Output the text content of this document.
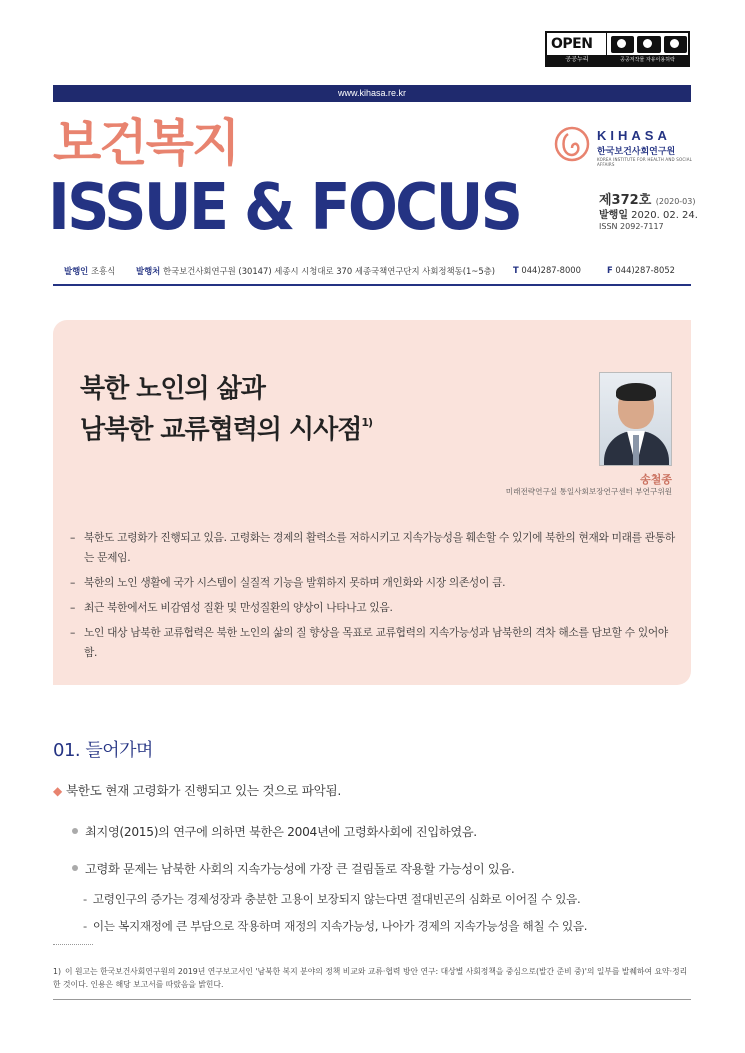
OPEN
공공누리	공공저작물 자유이용허락
www.kihasa.re.kr
보건복지
ISSUE & FOCUS
KIHASA
한국보건사회연구원
KOREA INSTITUTE FOR HEALTH AND SOCIAL AFFAIRS
제372호 (2020-03)
발행일 2020. 02. 24.
ISSN 2092-7117
발행인 조흥식 발행처 한국보건사회연구원 (30147) 세종시 시청대로 370 세종국책연구단지 사회정책동(1~5층) T 044)287-8000	F 044)287-8052
북한 노인의 삶과
남북한 교류협력의 시사점$^{1)}$
송철종
미래전략연구실 통일사회보장연구센터 부연구위원
– 북한도 고령화가 진행되고 있음. 고령화는 경제의 활력소를 저하시키고 지속가능성을 훼손할 수 있기에 북한의 현재와 미래를 관통하는 문제임.
– 북한의 노인 생활에 국가 시스템이 실질적 기능을 발휘하지 못하며 개인화와 시장 의존성이 큼.
– 최근 북한에서도 비감염성 질환 및 만성질환의 양상이 나타나고 있음.
– 노인 대상 남북한 교류협력은 북한 노인의 삶의 질 향상을 목표로 교류협력의 지속가능성과 남북한의 격차 해소를 담보할 수 있어야 함.
01. 들어가며
◆ 북한도 현재 고령화가 진행되고 있는 것으로 파악됨.
최지영(2015)의 연구에 의하면 북한은 2004년에 고령화사회에 진입하였음.
고령화 문제는 남북한 사회의 지속가능성에 가장 큰 걸림돌로 작용할 가능성이 있음.
- 고령인구의 증가는 경제성장과 충분한 고용이 보장되지 않는다면 절대빈곤의 심화로 이어질 수 있음.
- 이는 복지재정에 큰 부담으로 작용하며 재정의 지속가능성, 나아가 경제의 지속가능성을 해칠 수 있음.
1) 이 원고는 한국보건사회연구원의 2019년 연구보고서인 '남북한 복지 분야의 정책 비교와 교류·협력 방안 연구: 대상별 사회정책을 중심으로(발간 준비 중)'의 일부를 발췌하여 요약·정리한 것이다. 인용은 해당 보고서를 따랐음을 밝힌다.
